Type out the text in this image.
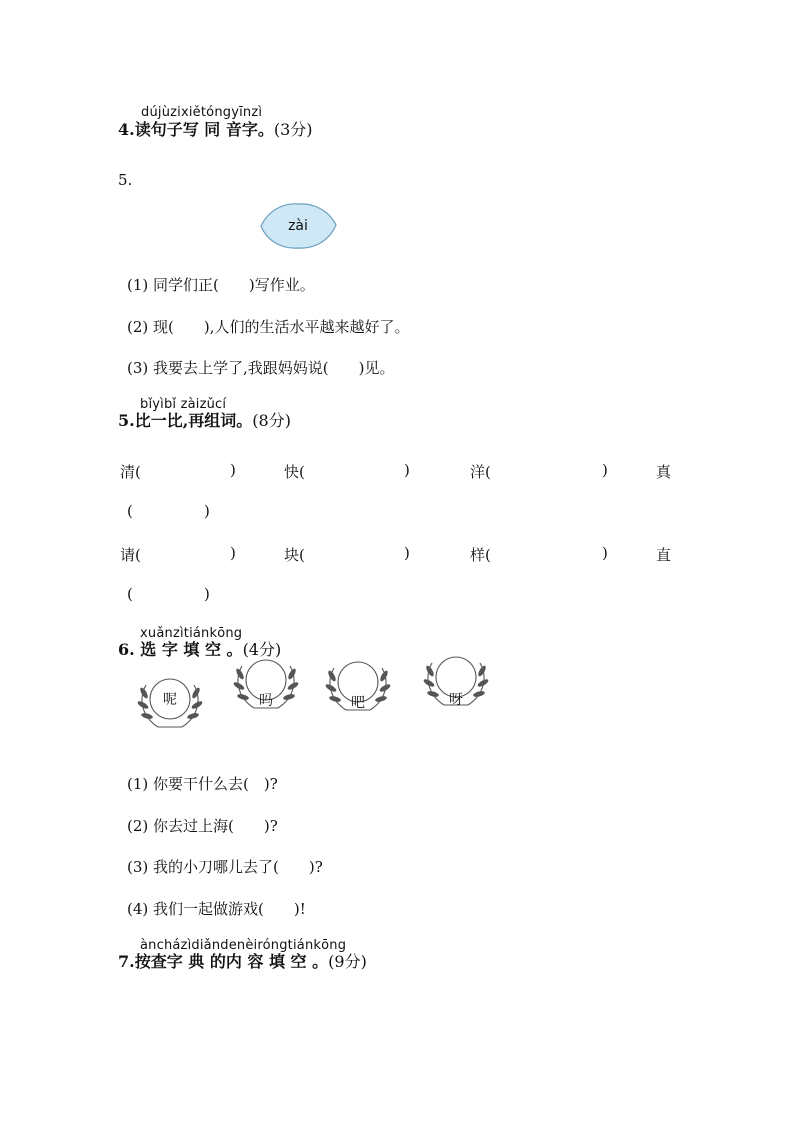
dújùzixiětóngyīnzì
4.读句子写 同 音字。(3分)
5.
zài
(1) 同学们正(　　)写作业。
(2) 现(　　),人们的生活水平越来越好了。
(3) 我要去上学了,我跟妈妈说(　　)见。
bǐyìbǐ zàizǔcí
5.比一比,再组词。(8分)
清(	)	快(	)	洋(	)	真
(	)
请(	)	块(	)	样(	)	直
(	)
xuǎnzìtiánkōng
6. 选 字 填 空 。(4分)
呢	吗	吧	呀
(1) 你要干什么去(　)?
(2) 你去过上海(　　)?
(3) 我的小刀哪儿去了(　　)?
(4) 我们一起做游戏(　　)!
àncházìdiǎndenèiróngtiánkōng
7.按查字 典 的内 容 填 空 。(9分)
